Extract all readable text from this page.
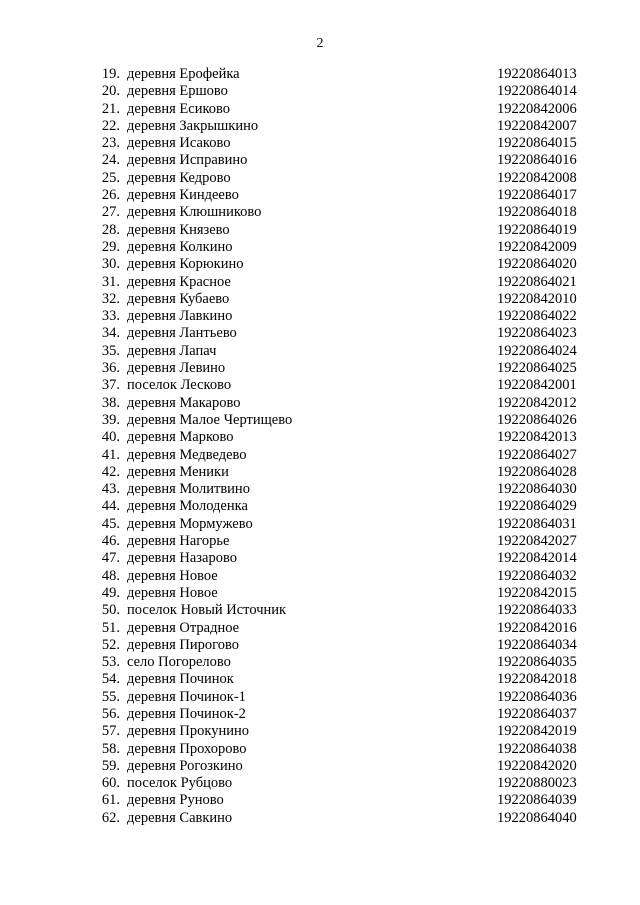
2
19. деревня Ерофейка	19220864013
20. деревня Ершово	19220864014
21. деревня Есиково	19220842006
22. деревня Закрышкино	19220842007
23. деревня Исаково	19220864015
24. деревня Исправино	19220864016
25. деревня Кедрово	19220842008
26. деревня Киндеево	19220864017
27. деревня Клюшниково	19220864018
28. деревня Князево	19220864019
29. деревня Колкино	19220842009
30. деревня Корюкино	19220864020
31. деревня Красное	19220864021
32. деревня Кубаево	19220842010
33. деревня Лавкино	19220864022
34. деревня Лантьево	19220864023
35. деревня Лапач	19220864024
36. деревня Левино	19220864025
37. поселок Лесково	19220842001
38. деревня Макарово	19220842012
39. деревня Малое Чертищево	19220864026
40. деревня Марково	19220842013
41. деревня Медведево	19220864027
42. деревня Меники	19220864028
43. деревня Молитвино	19220864030
44. деревня Молоденка	19220864029
45. деревня Мормужево	19220864031
46. деревня Нагорье	19220842027
47. деревня Назарово	19220842014
48. деревня Новое	19220864032
49. деревня Новое	19220842015
50. поселок Новый Источник	19220864033
51. деревня Отрадное	19220842016
52. деревня Пирогово	19220864034
53. село Погорелово	19220864035
54. деревня Починок	19220842018
55. деревня Починок-1	19220864036
56. деревня Починок-2	19220864037
57. деревня Прокунино	19220842019
58. деревня Прохорово	19220864038
59. деревня Рогозкино	19220842020
60. поселок Рубцово	19220880023
61. деревня Руново	19220864039
62. деревня Савкино	19220864040
